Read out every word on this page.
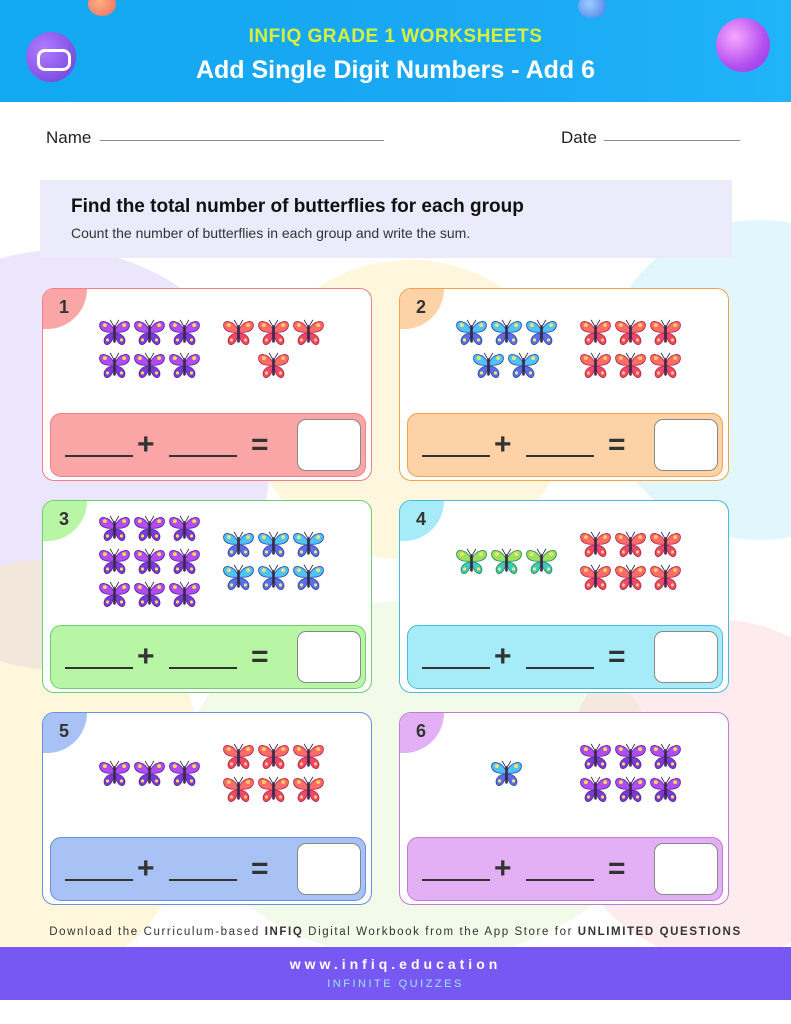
INFIQ GRADE 1 WORKSHEETS
Add Single Digit Numbers - Add 6
Name	Date
Find the total number of butterflies for each group
Count the number of butterflies in each group and write the sum.
1
+	=
2
+	=
3
+	=
4
+	=
5
+	=
6
+	=
Download the Curriculum-based INFIQ Digital Workbook from the App Store for UNLIMITED QUESTIONS
www.infiq.education
INFINITE QUIZZES
